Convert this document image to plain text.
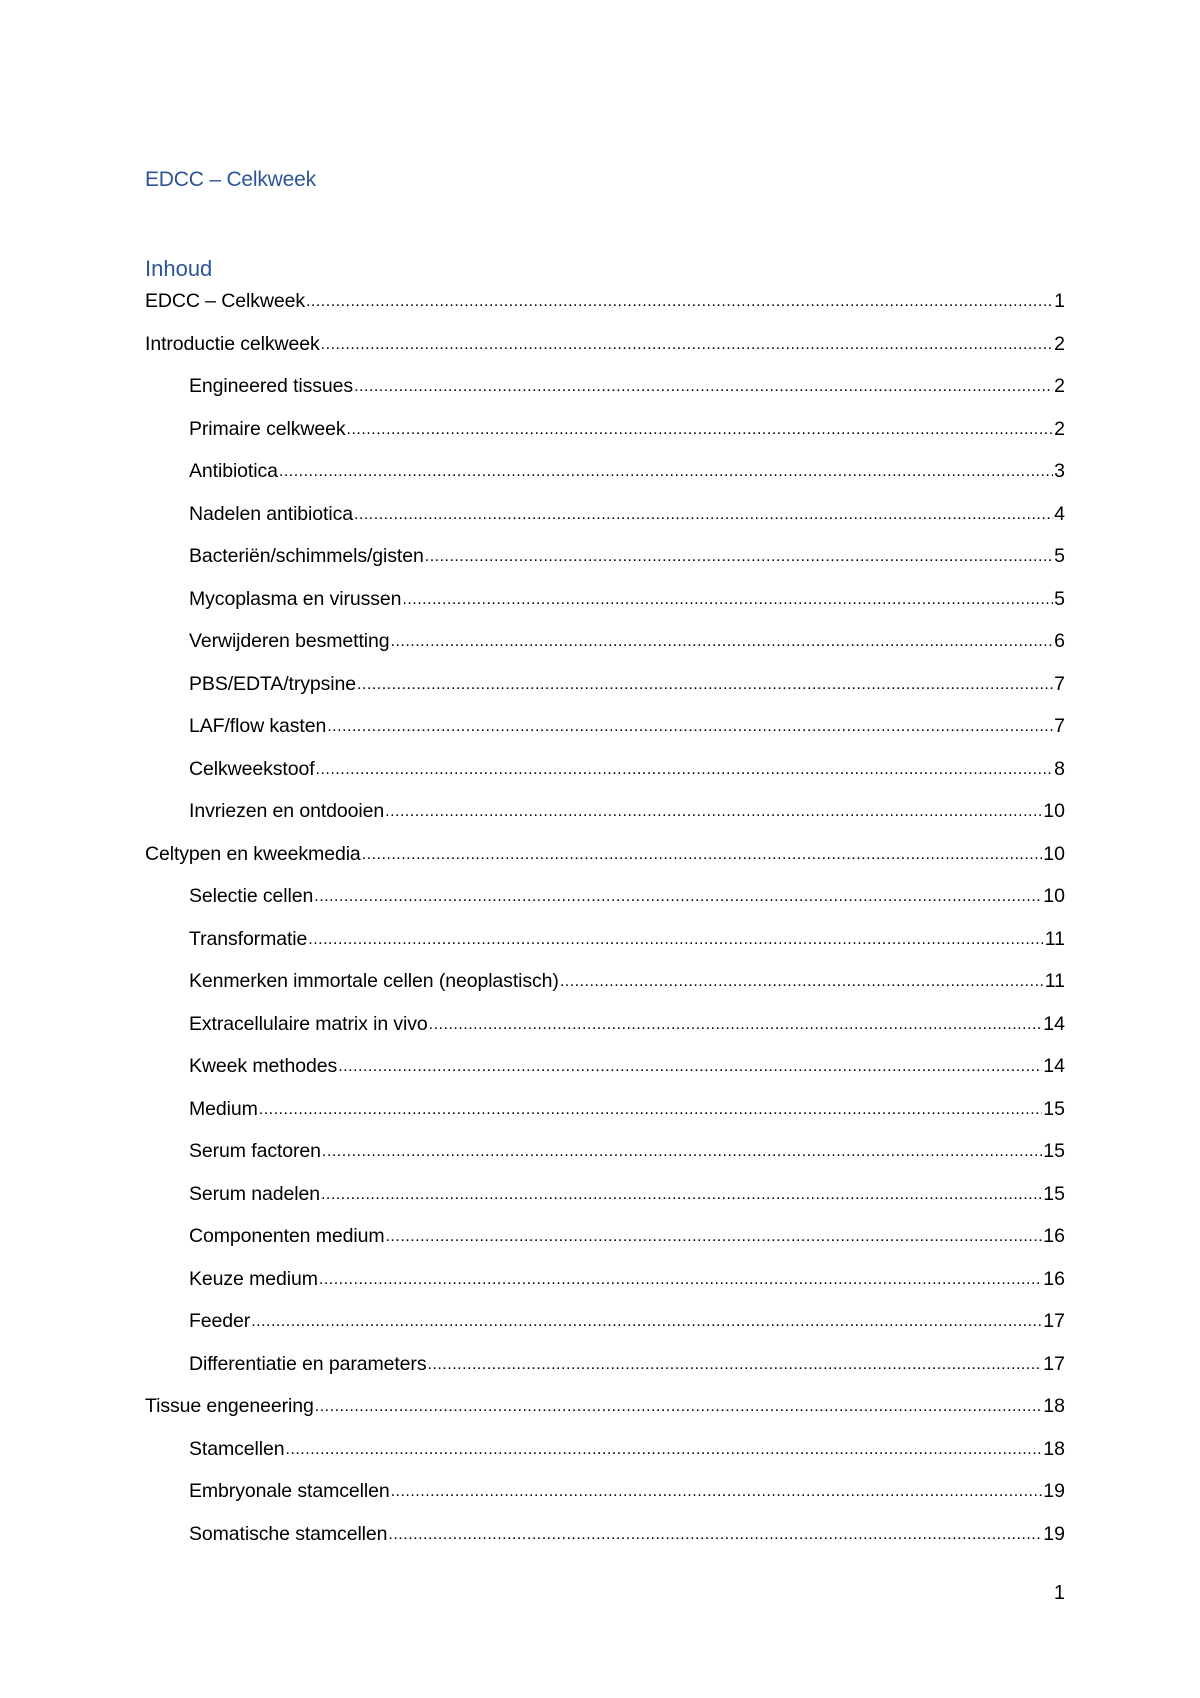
EDCC – Celkweek
Inhoud
EDCC – Celkweek .....	1
Introductie celkweek .....	2
Engineered tissues .....	2
Primaire celkweek .....	2
Antibiotica .....	3
Nadelen antibiotica .....	4
Bacteriën/schimmels/gisten .....	5
Mycoplasma en virussen .....	5
Verwijderen besmetting .....	6
PBS/EDTA/trypsine .....	7
LAF/flow kasten .....	7
Celkweekstoof .....	8
Invriezen en ontdooien .....	10
Celtypen en kweekmedia .....	10
Selectie cellen .....	10
Transformatie .....	11
Kenmerken immortale cellen (neoplastisch) .....	11
Extracellulaire matrix in vivo .....	14
Kweek methodes .....	14
Medium .....	15
Serum factoren .....	15
Serum nadelen .....	15
Componenten medium .....	16
Keuze medium .....	16
Feeder .....	17
Differentiatie en parameters .....	17
Tissue engeneering .....	18
Stamcellen .....	18
Embryonale stamcellen .....	19
Somatische stamcellen .....	19
1
